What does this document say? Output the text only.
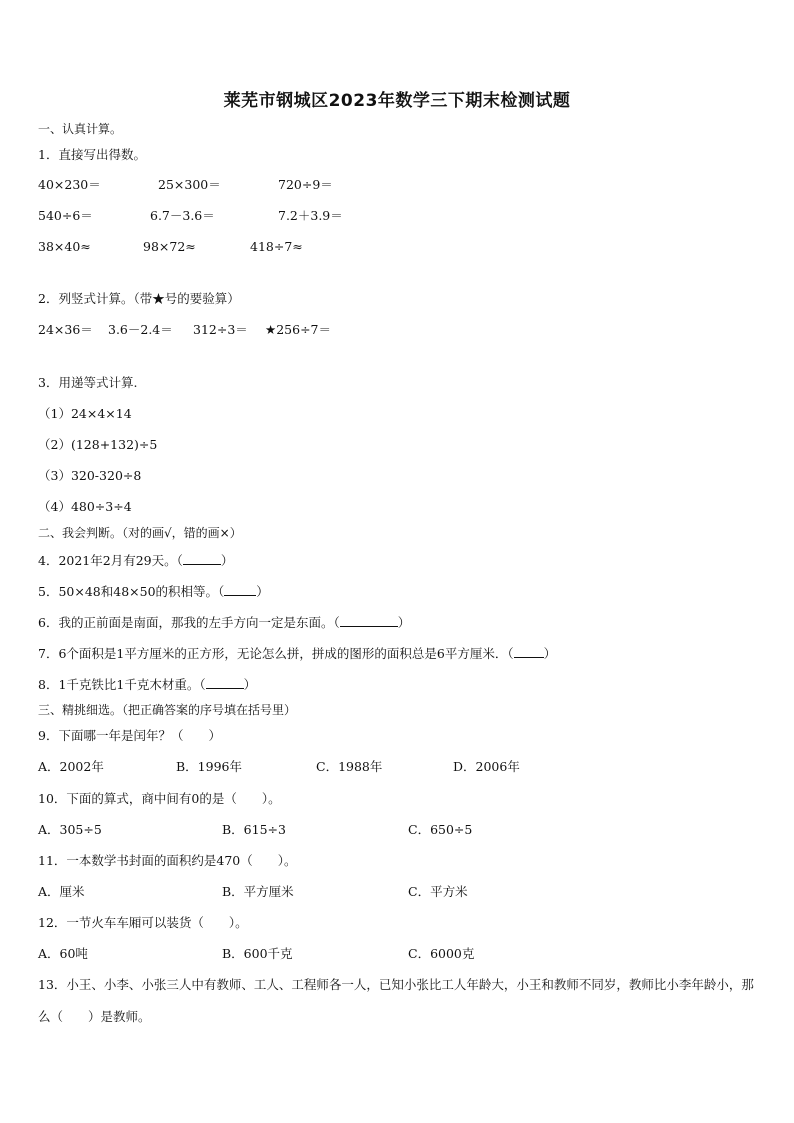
莱芜市钢城区2023年数学三下期末检测试题
一、认真计算。
1．直接写出得数。
40×230＝	25×300＝	720÷9＝
540÷6＝	6.7－3.6＝	7.2＋3.9＝
38×40≈	98×72≈	418÷7≈
2．列竖式计算。（带★号的要验算）
24×36＝ 3.6－2.4＝ 312÷3＝ ★256÷7＝
3．用递等式计算.
（1）24×4×14
（2）(128+132)÷5
（3）320-320÷8
（4）480÷3÷4
二、我会判断。（对的画√，错的画×）
4．2021年2月有29天。（	）
5．50×48和48×50的积相等。（	）
6．我的正前面是南面，那我的左手方向一定是东面。（	）
7．6个面积是1平方厘米的正方形，无论怎么拼，拼成的图形的面积总是6平方厘米．（ ）
8．1千克铁比1千克木材重。（	）
三、精挑细选。（把正确答案的序号填在括号里）
9．下面哪一年是闰年？（　　）
A．2002年	B．1996年	C．1988年	D．2006年
10．下面的算式，商中间有0的是（　　）。
A．305÷5	B．615÷3	C．650÷5
11．一本数学书封面的面积约是470（　　）。
A．厘米	B．平方厘米	C．平方米
12．一节火车车厢可以装货（　　）。
A．60吨	B．600千克	C．6000克
13．小王、小李、小张三人中有教师、工人、工程师各一人，已知小张比工人年龄大，小王和教师不同岁，教师比小李年龄小，那么（　　）是教师。
